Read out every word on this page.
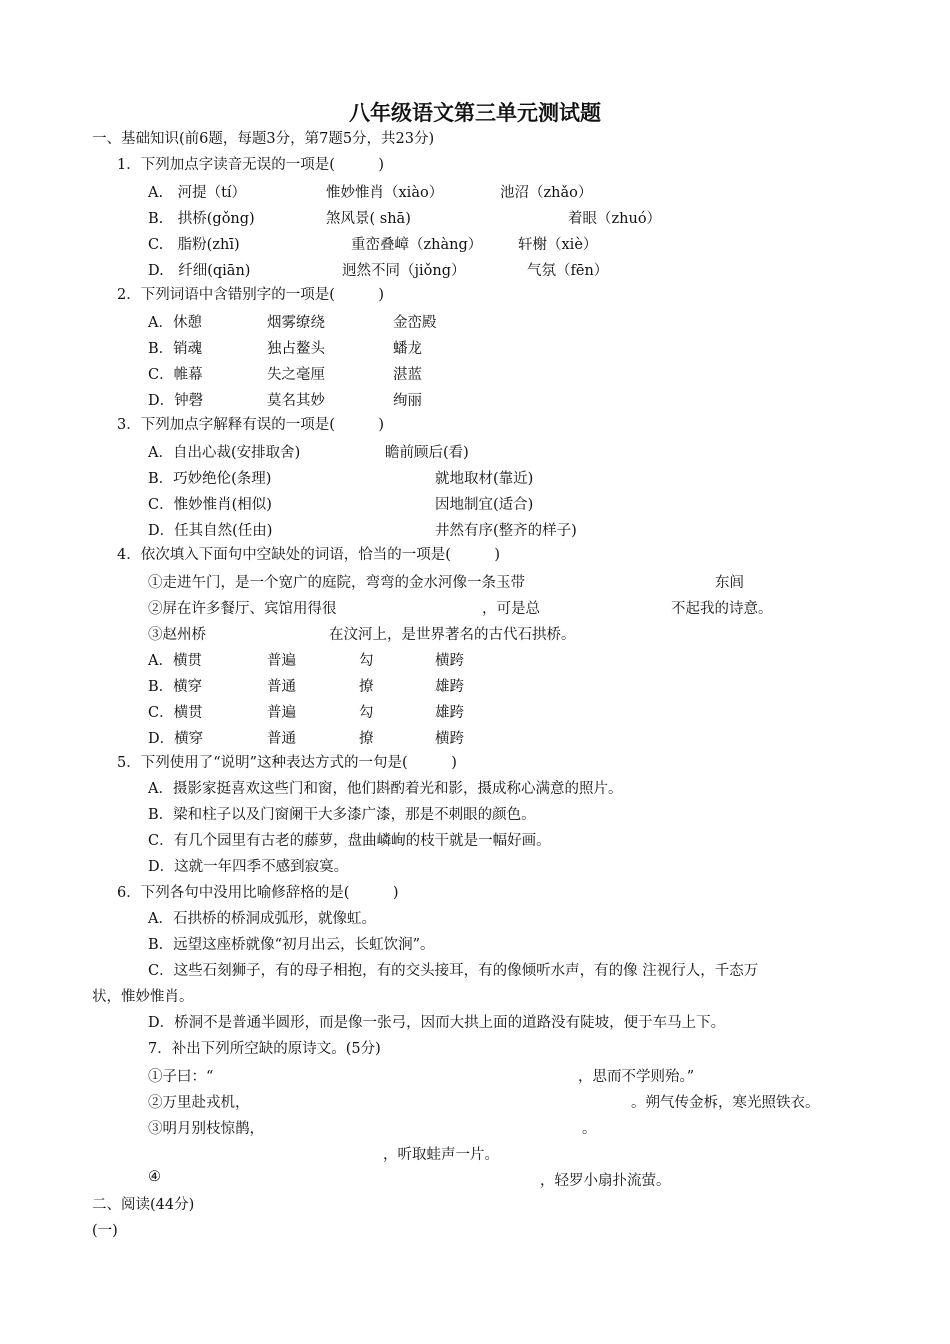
八年级语文第三单元测试题
一、基础知识(前6题，每题3分，第7题5分，共23分)
1．下列加点字读音无误的一项是(　　　)
A.　河提（tí）	惟妙惟肖（xiào）	池沼（zhǎo）
B.　拱桥(gǒng)	煞风景( shā)	着眼（zhuó）
C.　脂粉(zhī)	重峦叠嶂（zhàng） 轩榭（xiè）
D.　纤细(qiān)	迥然不同（jiǒng）	气氛（fēn）
2．下列词语中含错别字的一项是(　　　)
A．休憩	烟雾缭绕	金峦殿
B．销魂	独占鳌头	蟠龙
C．帷幕	失之毫厘	湛蓝
D．钟磬	莫名其妙	绚丽
3．下列加点字解释有误的一项是(　　　)
A．自出心裁(安排取舍)	瞻前顾后(看)
B．巧妙绝伦(条理)	就地取材(靠近)
C．惟妙惟肖(相似)	因地制宜(适合)
D．任其自然(任由)	井然有序(整齐的样子)
4．依次填入下面句中空缺处的词语，恰当的一项是(　　　)
①走进午门，是一个宽广的庭院，弯弯的金水河像一条玉带	东闾
②屏在许多餐厅、宾馆用得很	，可是总	不起我的诗意。
③赵州桥	在汶河上，是世界著名的古代石拱桥。
A．横贯	普遍	勾	横跨
B．横穿	普通	撩	雄跨
C．横贯	普遍	勾	雄跨
D．横穿	普通	撩	横跨
5．下列使用了“说明”这种表达方式的一句是(　　　)
A．摄影家挺喜欢这些门和窗，他们斟酌着光和影，摄成称心满意的照片。
B．梁和柱子以及门窗阑干大多漆广漆，那是不刺眼的颜色。
C．有几个园里有古老的藤萝，盘曲嶙峋的枝干就是一幅好画。
D．这就一年四季不感到寂寞。
6．下列各句中没用比喻修辞格的是(　　　)
A．石拱桥的桥洞成弧形，就像虹。
B．远望这座桥就像“初月出云，长虹饮涧”。
C．这些石刻狮子，有的母子相抱，有的交头接耳，有的像倾听水声，有的像 注视行人，千态万
状，惟妙惟肖。
D．桥洞不是普通半圆形，而是像一张弓，因而大拱上面的道路没有陡坡，便于车马上下。
7．补出下列所空缺的原诗文。(5分)
①子曰：“	，思而不学则殆。”
②万里赴戎机，	。朔气传金柝，寒光照铁衣。
③明月别枝惊鹊，	。
，听取蛙声一片。
④	，轻罗小扇扑流萤。
二、阅读(44分)
(一)
